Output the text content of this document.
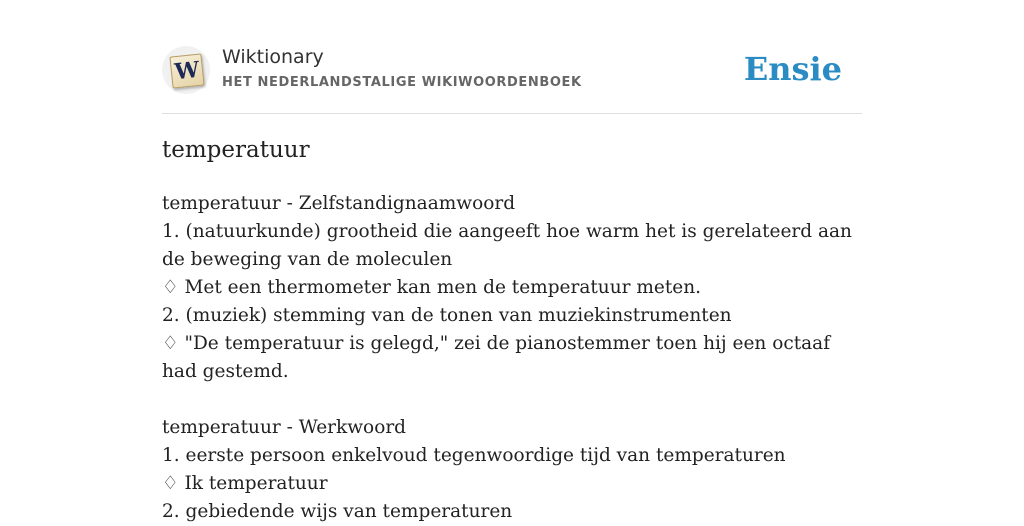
W Wiktionary
HET NEDERLANDSTALIGE WIKIWOORDENBOEK	Ensie
temperatuur
temperatuur - Zelfstandignaamwoord
1. (natuurkunde) grootheid die aangeeft hoe warm het is gerelateerd aan de beweging van de moleculen
♢ Met een thermometer kan men de temperatuur meten.
2. (muziek) stemming van de tonen van muziekinstrumenten
♢ "De temperatuur is gelegd," zei de pianostemmer toen hij een octaaf had gestemd.
temperatuur - Werkwoord
1. eerste persoon enkelvoud tegenwoordige tijd van temperaturen
♢ Ik temperatuur
2. gebiedende wijs van temperaturen
